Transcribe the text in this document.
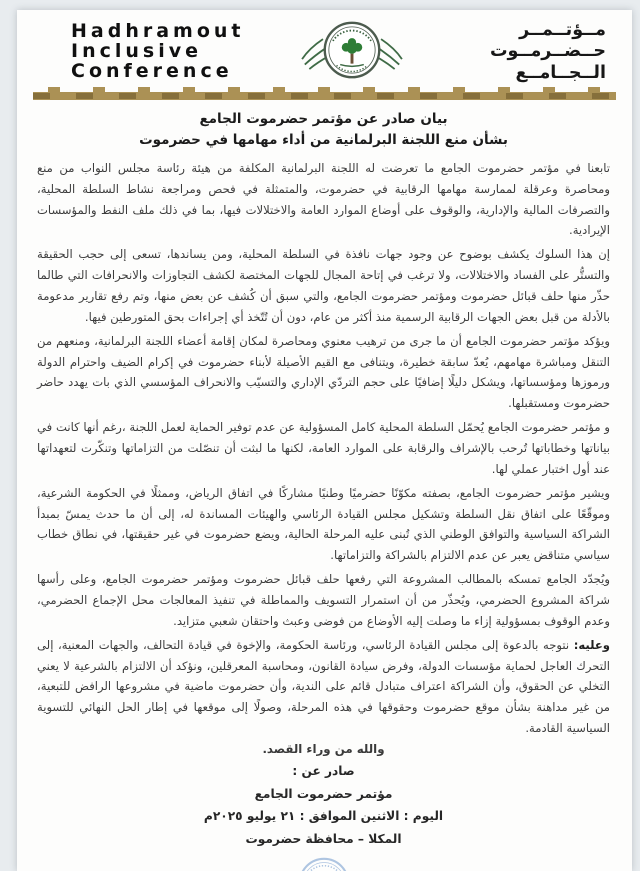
Hadhramout
Inclusive
Conference
مــؤتــمــر
حــضــرمــوت
الــجــامــع
بيان صادر عن مؤتمر حضرموت الجامع
بشأن منع اللجنة البرلمانية من أداء مهامها في حضرموت

تابعنا في مؤتمر حضرموت الجامع ما تعرضت له اللجنة البرلمانية المكلفة من هيئة رئاسة مجلس النواب من منع ومحاصرة وعرقلة لممارسة مهامها الرقابية في حضرموت، والمتمثلة في فحص ومراجعة نشاط السلطة المحلية، والتصرفات المالية والإدارية، والوقوف على أوضاع الموارد العامة والاختلالات فيها، بما في ذلك ملف النفط والمؤسسات الإيرادية.

إن هذا السلوك يكشف بوضوح عن وجود جهات نافذة في السلطة المحلية، ومن يساندها، تسعى إلى حجب الحقيقة والتستُّر على الفساد والاختلالات، ولا ترغب في إتاحة المجال للجهات المختصة لكشف التجاوزات والانحرافات التي طالما حذّر منها حلف قبائل حضرموت ومؤتمر حضرموت الجامع، والتي سبق أن كُشف عن بعض منها، وتم رفع تقارير مدعومة بالأدلة من قبل بعض الجهات الرقابية الرسمية منذ أكثر من عام، دون أن تُتّخذ أي إجراءات بحق المتورطين فيها.

ويؤكد مؤتمر حضرموت الجامع أن ما جرى من ترهيب معنوي ومحاصرة لمكان إقامة أعضاء اللجنة البرلمانية، ومنعهم من التنقل ومباشرة مهامهم، يُعدّ سابقة خطيرة، ويتنافى مع القيم الأصيلة لأبناء حضرموت في إكرام الضيف واحترام الدولة ورموزها ومؤسساتها، ويشكل دليلًا إضافيًا على حجم التردّي الإداري والتسيّب والانحراف المؤسسي الذي بات يهدد حاضر حضرموت ومستقبلها.

و مؤتمر حضرموت الجامع يُحمّل السلطة المحلية كامل المسؤولية عن عدم توفير الحماية لعمل اللجنة ،رغم أنها كانت في بياناتها وخطاباتها تُرحب بالإشراف والرقابة على الموارد العامة، لكنها ما لبثت أن تنصّلت من التزاماتها وتنكّرت لتعهداتها عند أول اختبار عملي لها.

ويشير مؤتمر حضرموت الجامع، بصفته مكوّنًا حضرميًا وطنيًا مشاركًا في اتفاق الرياض، وممثلًا في الحكومة الشرعية، وموقّعًا على اتفاق نقل السلطة وتشكيل مجلس القيادة الرئاسي والهيئات المساندة له، إلى أن ما حدث يمسّ بمبدأ الشراكة السياسية والتوافق الوطني الذي تُبنى عليه المرحلة الحالية، ويضع حضرموت في غير حقيقتها، في نطاق خطاب سياسي متناقض يعبر عن عدم الالتزام بالشراكة والتزاماتها.

ويُجدّد الجامع تمسكه بالمطالب المشروعة التي رفعها حلف قبائل حضرموت ومؤتمر حضرموت الجامع، وعلى رأسها شراكة المشروع الحضرمي، ويُحذّر من أن استمرار التسويف والمماطلة في تنفيذ المعالجات محل الإجماع الحضرمي، وعدم الوقوف بمسؤولية إزاء ما وصلت إليه الأوضاع من فوضى وعبث واحتقان شعبي متزايد.

وعليه: نتوجه بالدعوة إلى مجلس القيادة الرئاسي، ورئاسة الحكومة، والإخوة في قيادة التحالف، والجهات المعنية، إلى التحرك العاجل لحماية مؤسسات الدولة، وفرض سيادة القانون، ومحاسبة المعرقلين، ونؤكد أن الالتزام بالشرعية لا يعني التخلي عن الحقوق، وأن الشراكة اعتراف متبادل قائم على الندية، وأن حضرموت ماضية في مشروعها الرافض للتبعية، من غير مداهنة بشأن موقع حضرموت وحقوقها في هذه المرحلة، وصولًا إلى موقعها في إطار الحل النهائي للتسوية السياسية القادمة.

والله من وراء القصد.
صادر عن :
مؤتمر حضرموت الجامع
اليوم : الاثنين الموافق : ٢١ يوليو ٢٠٢٥م
المكلا – محافظة حضرموت
